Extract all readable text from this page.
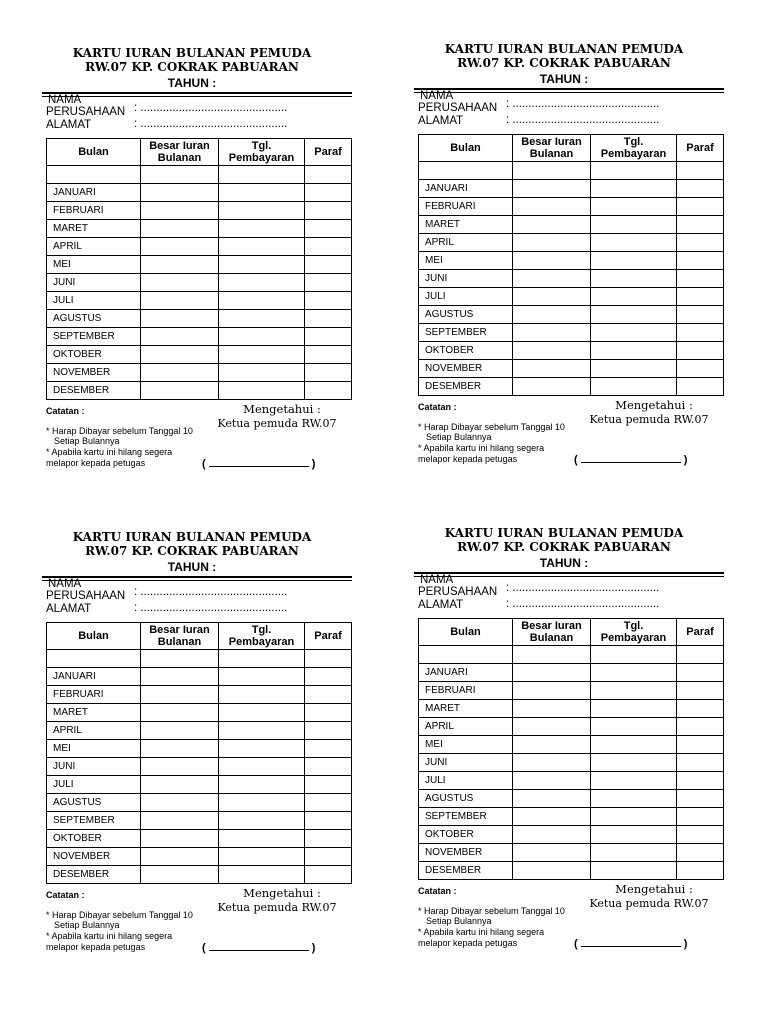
KARTU IURAN BULANAN PEMUDA
RW.07 KP. COKRAK PABUARAN
TAHUN :
NAMA
PERUSAHAAN : ..............................................
ALAMAT	: ..............................................
Bulan	Besar Iuran Bulanan	Tgl. Pembayaran	Paraf

JANUARI			
FEBRUARI			
MARET			
APRIL			
MEI			
JUNI			
JULI			
AGUSTUS			
SEPTEMBER			
OKTOBER			
NOVEMBER			
DESEMBER			
Catatan :
* Harap Dibayar sebelum Tanggal 10
Setiap Bulannya
* Apabila kartu ini hilang segera
melapor kepada petugas
Mengetahui :
Ketua pemuda RW.07
(	)
KARTU IURAN BULANAN PEMUDA
RW.07 KP. COKRAK PABUARAN
TAHUN :
NAMA
PERUSAHAAN : ..............................................
ALAMAT	: ..............................................
Bulan	Besar Iuran Bulanan	Tgl. Pembayaran	Paraf

JANUARI			
FEBRUARI			
MARET			
APRIL			
MEI			
JUNI			
JULI			
AGUSTUS			
SEPTEMBER			
OKTOBER			
NOVEMBER			
DESEMBER			
Catatan :
* Harap Dibayar sebelum Tanggal 10
Setiap Bulannya
* Apabila kartu ini hilang segera
melapor kepada petugas
Mengetahui :
Ketua pemuda RW.07
(	)
KARTU IURAN BULANAN PEMUDA
RW.07 KP. COKRAK PABUARAN
TAHUN :
NAMA
PERUSAHAAN : ..............................................
ALAMAT	: ..............................................
Bulan	Besar Iuran Bulanan	Tgl. Pembayaran	Paraf

JANUARI			
FEBRUARI			
MARET			
APRIL			
MEI			
JUNI			
JULI			
AGUSTUS			
SEPTEMBER			
OKTOBER			
NOVEMBER			
DESEMBER			
Catatan :
* Harap Dibayar sebelum Tanggal 10
Setiap Bulannya
* Apabila kartu ini hilang segera
melapor kepada petugas
Mengetahui :
Ketua pemuda RW.07
(	)
KARTU IURAN BULANAN PEMUDA
RW.07 KP. COKRAK PABUARAN
TAHUN :
NAMA
PERUSAHAAN : ..............................................
ALAMAT	: ..............................................
Bulan	Besar Iuran Bulanan	Tgl. Pembayaran	Paraf

JANUARI			
FEBRUARI			
MARET			
APRIL			
MEI			
JUNI			
JULI			
AGUSTUS			
SEPTEMBER			
OKTOBER			
NOVEMBER			
DESEMBER			
Catatan :
* Harap Dibayar sebelum Tanggal 10
Setiap Bulannya
* Apabila kartu ini hilang segera
melapor kepada petugas
Mengetahui :
Ketua pemuda RW.07
(	)
